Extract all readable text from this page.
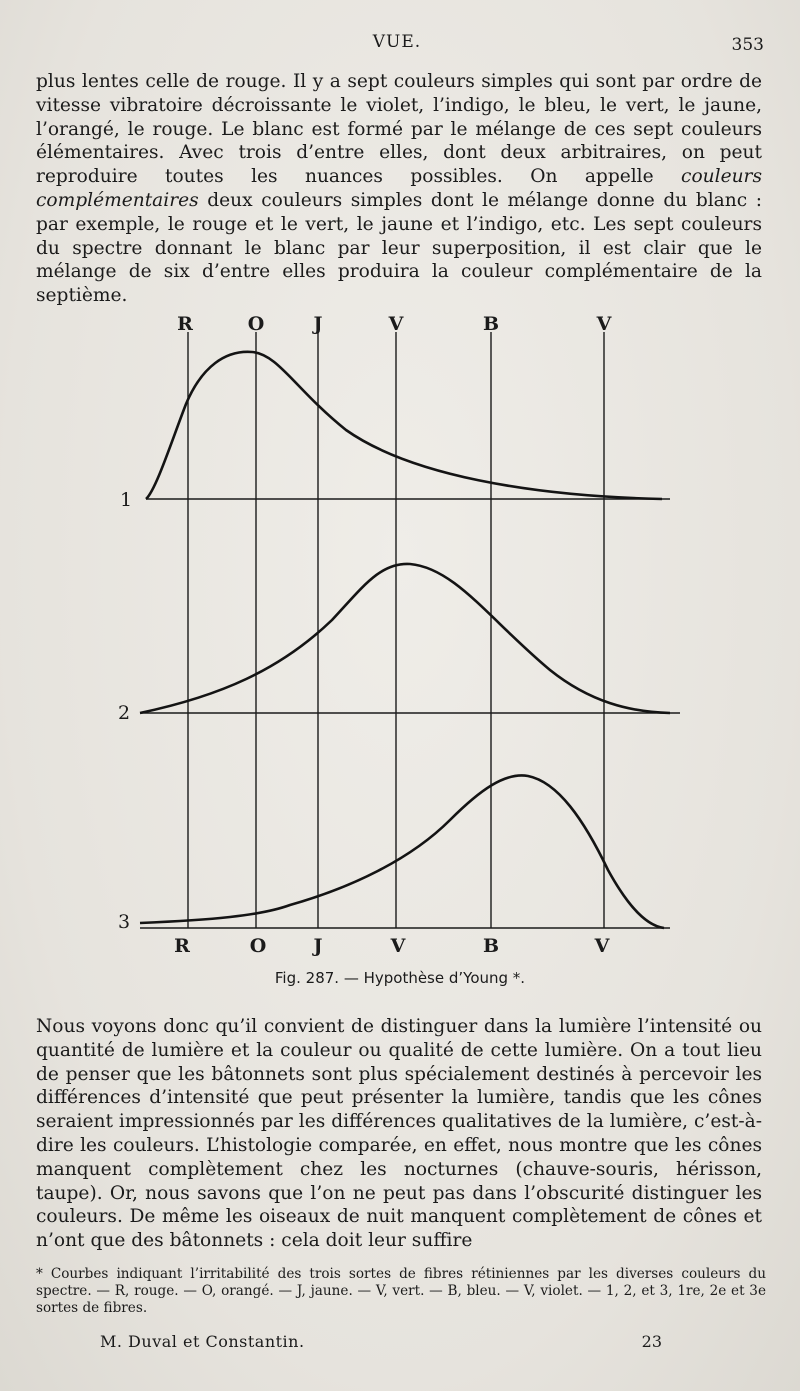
VUE.	353

plus lentes celle de rouge. Il y a sept couleurs simples qui sont par ordre de vitesse vibratoire décroissante le violet, l’indigo, le bleu, le vert, le jaune, l’orangé, le rouge. Le blanc est formé par le mélange de ces sept couleurs élémentaires. Avec trois d’entre elles, dont deux arbitraires, on peut reproduire toutes les nuances possibles. On appelle couleurs complémentaires deux couleurs simples dont le mélange donne du blanc : par exemple, le rouge et le vert, le jaune et l’indigo, etc. Les sept couleurs du spectre donnant le blanc par leur superposition, il est clair que le mélange de six d’entre elles produira la couleur complémentaire de la septième.

R	O	J	V	B	V
R	O J	V	B	V
1
2
3
Fig. 287. — Hypothèse d’Young *.

Nous voyons donc qu’il convient de distinguer dans la lumière l’intensité ou quantité de lumière et la couleur ou qualité de cette lumière. On a tout lieu de penser que les bâtonnets sont plus spécialement destinés à percevoir les différences d’intensité que peut présenter la lumière, tandis que les cônes seraient impressionnés par les différences qualitatives de la lumière, c’est-à-dire les couleurs. L’histologie comparée, en effet, nous montre que les cônes manquent complètement chez les nocturnes (chauve-souris, hérisson, taupe). Or, nous savons que l’on ne peut pas dans l’obscurité distinguer les couleurs. De même les oiseaux de nuit manquent complètement de cônes et n’ont que des bâtonnets : cela doit leur suffire

* Courbes indiquant l’irritabilité des trois sortes de fibres rétiniennes par les diverses couleurs du spectre. — R, rouge. — O, orangé. — J, jaune. — V, vert. — B, bleu. — V, violet. — 1, 2, et 3, 1re, 2e et 3e sortes de fibres.

M. Duval et Constantin.	23
